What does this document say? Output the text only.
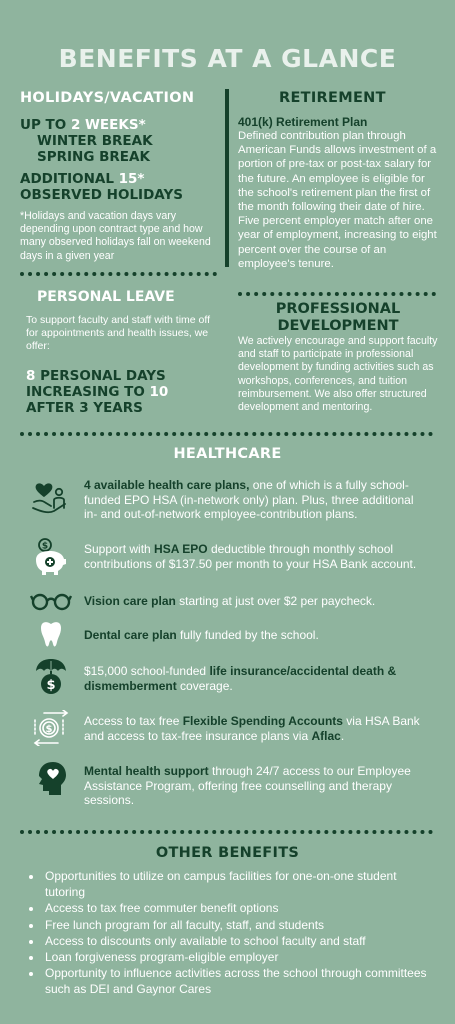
BENEFITS AT A GLANCE
HOLIDAYS/VACATION
UP TO 2 WEEKS*
WINTER BREAK
SPRING BREAK
ADDITIONAL 15*
OBSERVED HOLIDAYS
*Holidays and vacation days vary depending upon contract type and how many observed holidays fall on weekend days in a given year
PERSONAL LEAVE
To support faculty and staff with time off for appointments and health issues, we offer:
8 PERSONAL DAYS
INCREASING TO 10
AFTER 3 YEARS
RETIREMENT
401(k) Retirement Plan
Defined contribution plan through American Funds allows investment of a portion of pre-tax or post-tax salary for the future. An employee is eligible for the school's retirement plan the first of the month following their date of hire. Five percent employer match after one year of employment, increasing to eight percent over the course of an employee's tenure.
PROFESSIONAL
DEVELOPMENT
We actively encourage and support faculty and staff to participate in professional development by funding activities such as workshops, conferences, and tuition reimbursement. We also offer structured development and mentoring.
HEALTHCARE
4 available health care plans, one of which is a fully school-funded EPO HSA (in-network only) plan. Plus, three additional in- and out-of-network employee-contribution plans.
$	Support with HSA EPO deductible through monthly school contributions of $137.50 per month to your HSA Bank account.
Vision care plan starting at just over $2 per paycheck.
Dental care plan fully funded by the school.
$
$15,000 school-funded life insurance/accidental death & dismemberment coverage.
$
Access to tax free Flexible Spending Accounts via HSA Bank and access to tax-free insurance plans via Aflac.
Mental health support through 24/7 access to our Employee Assistance Program, offering free counselling and therapy sessions.
OTHER BENEFITS
• Opportunities to utilize on campus facilities for one-on-one student tutoring
• Access to tax free commuter benefit options
• Free lunch program for all faculty, staff, and students
• Access to discounts only available to school faculty and staff
• Loan forgiveness program-eligible employer
• Opportunity to influence activities across the school through committees such as DEI and Gaynor Cares
